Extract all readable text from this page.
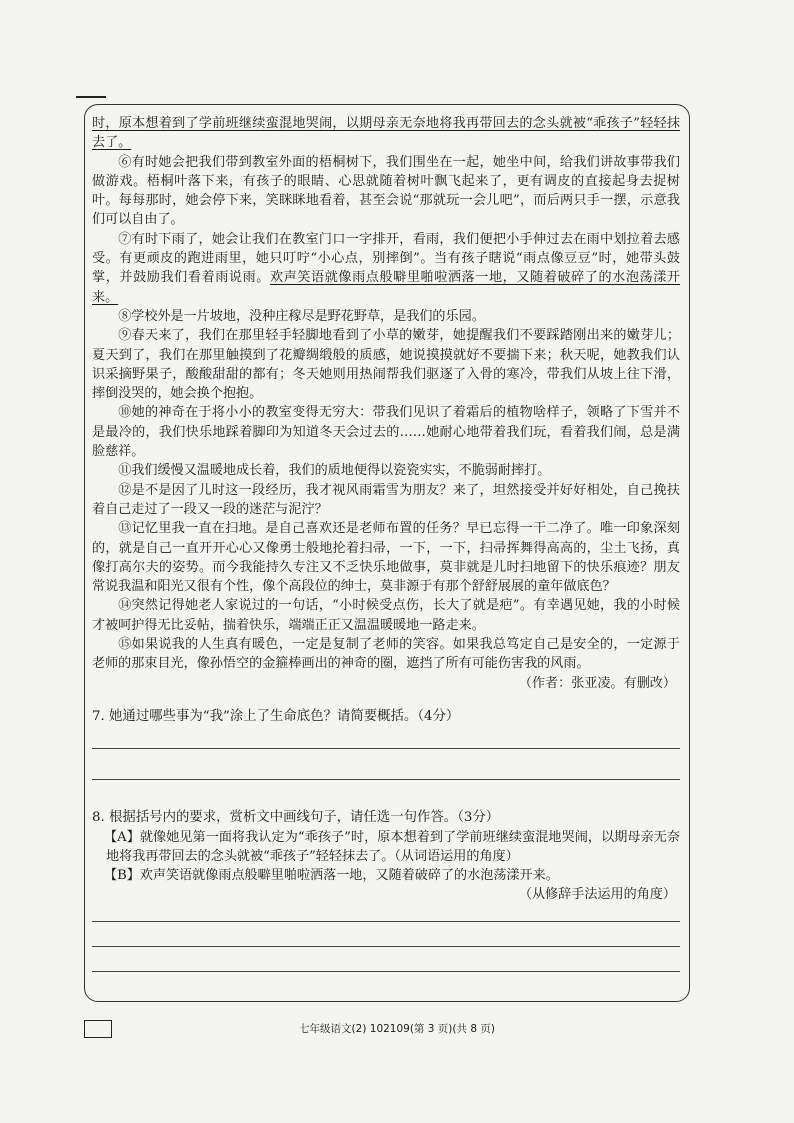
时，原本想着到了学前班继续蛮混地哭闹，以期母亲无奈地将我再带回去的念头就被“乖孩子”轻轻抹去了。

⑥有时她会把我们带到教室外面的梧桐树下，我们围坐在一起，她坐中间，给我们讲故事带我们做游戏。梧桐叶落下来，有孩子的眼睛、心思就随着树叶飘飞起来了，更有调皮的直接起身去捉树叶。每每那时，她会停下来，笑眯眯地看着，甚至会说“那就玩一会儿吧”，而后两只手一摆，示意我们可以自由了。

⑦有时下雨了，她会让我们在教室门口一字排开，看雨，我们便把小手伸过去在雨中划拉着去感受。有更顽皮的跑进雨里，她只叮咛“小心点，别摔倒”。当有孩子瞎说“雨点像豆豆”时，她带头鼓掌，并鼓励我们看着雨说雨。欢声笑语就像雨点般噼里啪啦洒落一地，又随着破碎了的水泡荡漾开来。

⑧学校外是一片坡地，没种庄稼尽是野花野草，是我们的乐园。

⑨春天来了，我们在那里轻手轻脚地看到了小草的嫩芽，她提醒我们不要踩踏刚出来的嫩芽儿；夏天到了，我们在那里触摸到了花瓣绸缎般的质感，她说摸摸就好不要揣下来；秋天呢，她教我们认识采摘野果子，酸酸甜甜的都有；冬天她则用热闹帮我们驱逐了入骨的寒冷，带我们从坡上往下滑，摔倒没哭的，她会换个抱抱。

⑩她的神奇在于将小小的教室变得无穷大：带我们见识了着霜后的植物啥样子，领略了下雪并不是最冷的，我们快乐地踩着脚印为知道冬天会过去的……她耐心地带着我们玩，看着我们闹，总是满脸慈祥。

⑪我们缓慢又温暖地成长着，我们的质地便得以瓷瓷实实，不脆弱耐摔打。

⑫是不是因了儿时这一段经历，我才视风雨霜雪为朋友？来了，坦然接受并好好相处，自己挽扶着自己走过了一段又一段的迷茫与泥泞？

⑬记忆里我一直在扫地。是自己喜欢还是老师布置的任务？早已忘得一干二净了。唯一印象深刻的，就是自己一直开开心心又像勇士般地抡着扫帚，一下，一下，扫帚挥舞得高高的，尘土飞扬，真像打高尔夫的姿势。而今我能持久专注又不乏快乐地做事，莫非就是儿时扫地留下的快乐痕迹？朋友常说我温和阳光又很有个性，像个高段位的绅士，莫非源于有那个舒舒展展的童年做底色？

⑭突然记得她老人家说过的一句话，“小时候受点伤，长大了就是疤”。有幸遇见她，我的小时候才被呵护得无比妥帖，揣着快乐，端端正正又温温暖暖地一路走来。

⑮如果说我的人生真有暖色，一定是复制了老师的笑容。如果我总笃定自己是安全的，一定源于老师的那束目光，像孙悟空的金箍棒画出的神奇的圈，遮挡了所有可能伤害我的风雨。

（作者：张亚凌。有删改）

7. 她通过哪些事为“我”涂上了生命底色？请简要概括。（4分）

8. 根据括号内的要求，赏析文中画线句子，请任选一句作答。（3分）

【A】就像她见第一面将我认定为“乖孩子”时，原本想着到了学前班继续蛮混地哭闹，以期母亲无奈地将我再带回去的念头就被“乖孩子”轻轻抹去了。（从词语运用的角度）

【B】欢声笑语就像雨点般噼里啪啦洒落一地，又随着破碎了的水泡荡漾开来。

（从修辞手法运用的角度）

七年级语文(2) 102109(第 3 页)(共 8 页)
